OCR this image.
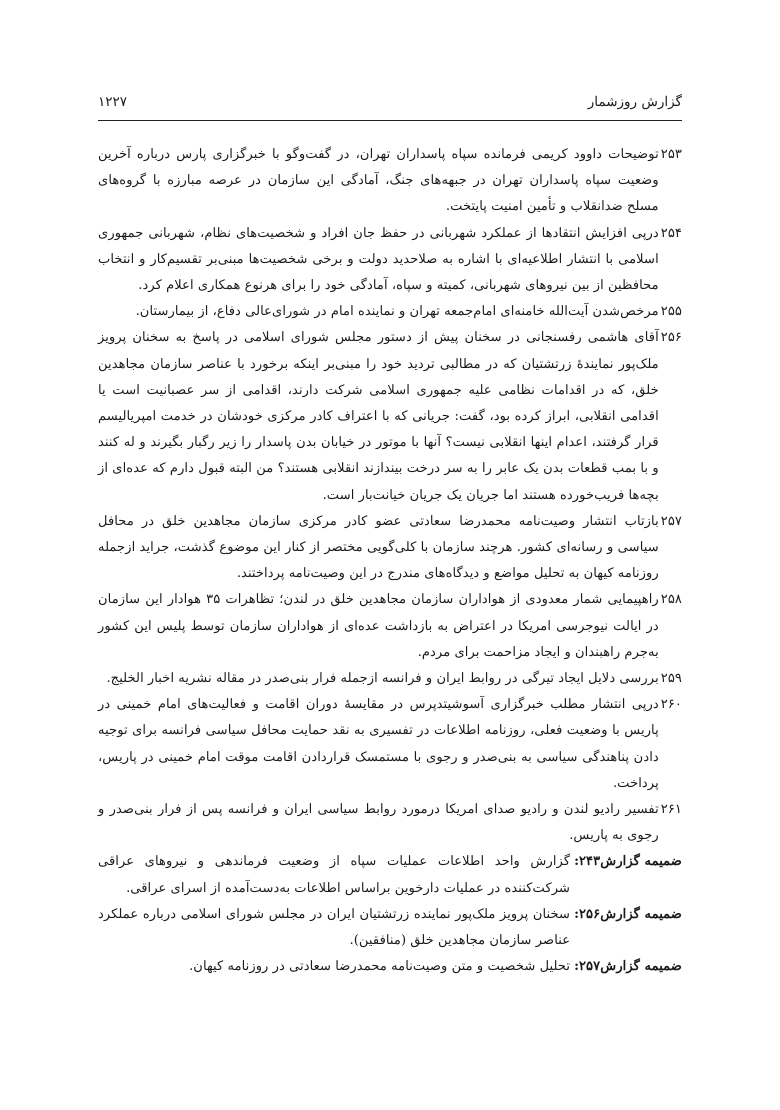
۱۲۲۷	گزارش روزشمار
۲۵۳
توضیحات داوود کریمی فرمانده سپاه پاسداران تهران، در گفت‌وگو با خبرگزاری پارس درباره آخرین وضعیت سپاه پاسداران تهران در جبهه‌های جنگ، آمادگی این سازمان در عرصه مبارزه با گروه‌های مسلح ضدانقلاب و تأمین امنیت پایتخت.
۲۵۴
درپی افزایش انتقادها از عملکرد شهربانی در حفظ جان افراد و شخصیت‌های نظام، شهربانی جمهوری اسلامی با انتشار اطلاعیه‌ای با اشاره به صلاحدید دولت و برخی شخصیت‌ها مبنی‌بر تقسیم‌کار و انتخاب محافظین از بین نیروهای شهربانی، کمیته و سپاه، آمادگی خود را برای هرنوع همکاری اعلام کرد.
۲۵۵
مرخص‌شدن آیت‌الله خامنه‌ای امام‌جمعه تهران و نماینده امام در شورای‌عالی دفاع، از بیمارستان.
۲۵۶
آقای هاشمی رفسنجانی در سخنان پیش از دستور مجلس شورای اسلامی در پاسخ به سخنان پرویز ملک‌پور نمایندهٔ زرتشتیان که در مطالبی تردید خود را مبنی‌بر اینکه برخورد با عناصر سازمان مجاهدین خلق، که در اقدامات نظامی علیه جمهوری اسلامی شرکت دارند، اقدامی از سر عصبانیت است یا اقدامی انقلابی، ابراز کرده بود، گفت: جریانی که با اعتراف کادر مرکزی خودشان در خدمت امپریالیسم قرار گرفتند، اعدام اینها انقلابی نیست؟ آنها با موتور در خیابان بدن پاسدار را زیر رگبار بگیرند و له کنند و با بمب قطعات بدن یک عابر را به سر درخت بیندازند انقلابی هستند؟ من البته قبول دارم که عده‌ای از بچه‌ها فریب‌خورده هستند اما جریان یک جریان خیانت‌بار است.
۲۵۷
بازتاب انتشار وصیت‌نامه محمدرضا سعادتی عضو کادر مرکزی سازمان مجاهدین خلق در محافل سیاسی و رسانه‌ای کشور. هرچند سازمان با کلی‌گویی مختصر از کنار این موضوع گذشت، جراید ازجمله روزنامه کیهان به تحلیل مواضع و دیدگاه‌های مندرج در این وصیت‌نامه پرداختند.
۲۵۸
راهپیمایی شمار معدودی از هواداران سازمان مجاهدین خلق در لندن؛ تظاهرات ۳۵ هوادار این سازمان در ایالت نیوجرسی امریکا در اعتراض به بازداشت عده‌ای از هواداران سازمان توسط پلیس این کشور به‌جرم راهبندان و ایجاد مزاحمت برای مردم.
۲۵۹
بررسی دلایل ایجاد تیرگی در روابط ایران و فرانسه ازجمله فرار بنی‌صدر در مقاله نشریه اخبار الخلیج.
۲۶۰
درپی انتشار مطلب خبرگزاری آسوشیتدپرس در مقایسهٔ دوران اقامت و فعالیت‌های امام خمینی در پاریس با وضعیت فعلی، روزنامه اطلاعات در تفسیری به نقد حمایت محافل سیاسی فرانسه برای توجیه دادن پناهندگی سیاسی به بنی‌صدر و رجوی با مستمسک قراردادن اقامت موقت امام خمینی در پاریس، پرداخت.
۲۶۱
تفسیر رادیو لندن و رادیو صدای امریکا درمورد روابط سیاسی ایران و فرانسه پس از فرار بنی‌صدر و رجوی به پاریس.
ضمیمه گزارش۲۴۳:
گزارش واحد اطلاعات عملیات سپاه از وضعیت فرماندهی و نیروهای عراقی شرکت‌کننده در عملیات دارخوین براساس اطلاعات به‌دست‌آمده از اسرای عراقی.
ضمیمه گزارش۲۵۶:
سخنان پرویز ملک‌پور نماینده زرتشتیان ایران در مجلس شورای اسلامی درباره عملکرد عناصر سازمان مجاهدین خلق (منافقین).
ضمیمه گزارش۲۵۷:
تحلیل شخصیت و متن وصیت‌نامه محمدرضا سعادتی در روزنامه کیهان.
